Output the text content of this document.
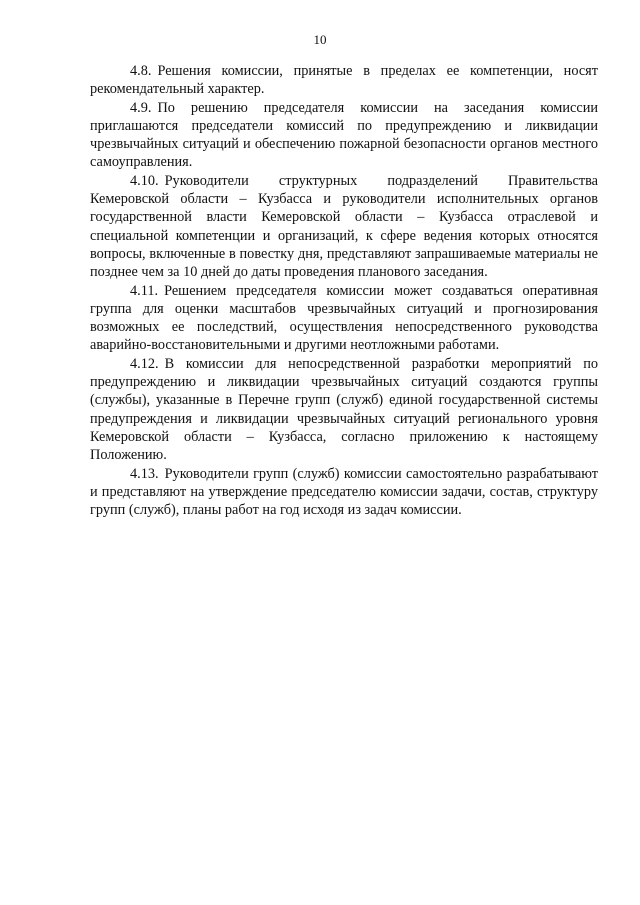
10

4.8. Решения комиссии, принятые в пределах ее компетенции, носят рекомендательный характер.

4.9. По решению председателя комиссии на заседания комиссии приглашаются председатели комиссий по предупреждению и ликвидации чрезвычайных ситуаций и обеспечению пожарной безопасности органов местного самоуправления.

4.10. Руководители структурных подразделений Правительства Кемеровской области – Кузбасса и руководители исполнительных органов государственной власти Кемеровской области – Кузбасса отраслевой и специальной компетенции и организаций, к сфере ведения которых относятся вопросы, включенные в повестку дня, представляют запрашиваемые материалы не позднее чем за 10 дней до даты проведения планового заседания.

4.11. Решением председателя комиссии может создаваться оперативная группа для оценки масштабов чрезвычайных ситуаций и прогнозирования возможных ее последствий, осуществления непосредственного руководства аварийно-восстановительными и другими неотложными работами.

4.12. В комиссии для непосредственной разработки мероприятий по предупреждению и ликвидации чрезвычайных ситуаций создаются группы (службы), указанные в Перечне групп (служб) единой государственной системы предупреждения и ликвидации чрезвычайных ситуаций регионального уровня Кемеровской области – Кузбасса, согласно приложению к настоящему Положению.

4.13. Руководители групп (служб) комиссии самостоятельно разрабатывают и представляют на утверждение председателю комиссии задачи, состав, структуру групп (служб), планы работ на год исходя из задач комиссии.
